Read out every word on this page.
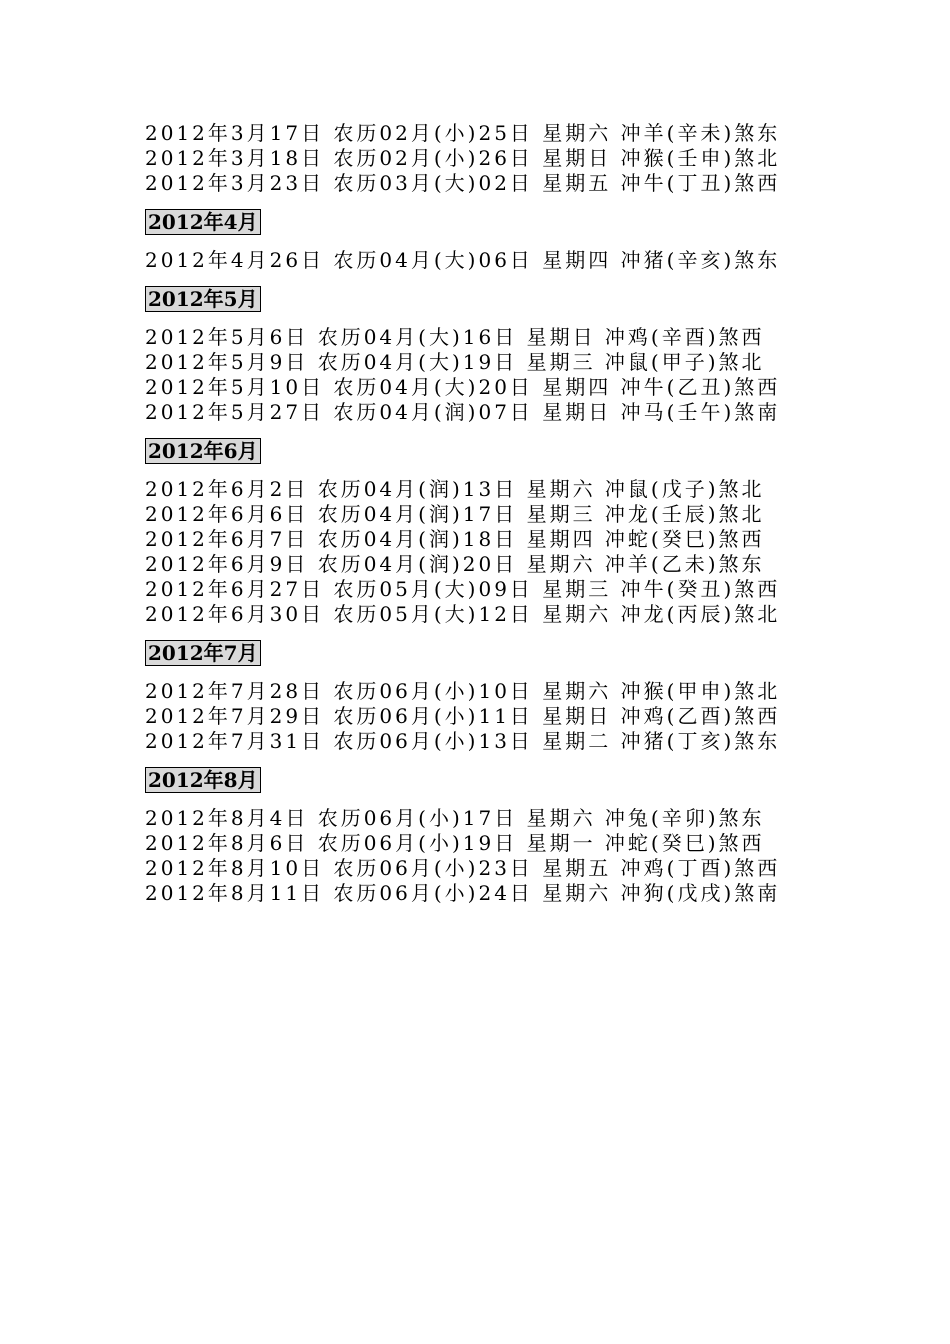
2012年3月17日 农历02月(小)25日 星期六 冲羊(辛未)煞东

2012年3月18日 农历02月(小)26日 星期日 冲猴(壬申)煞北

2012年3月23日 农历03月(大)02日 星期五 冲牛(丁丑)煞西

2012年4月

2012年4月26日 农历04月(大)06日 星期四 冲猪(辛亥)煞东

2012年5月

2012年5月6日 农历04月(大)16日 星期日 冲鸡(辛酉)煞西

2012年5月9日 农历04月(大)19日 星期三 冲鼠(甲子)煞北

2012年5月10日 农历04月(大)20日 星期四 冲牛(乙丑)煞西

2012年5月27日 农历04月(润)07日 星期日 冲马(壬午)煞南

2012年6月

2012年6月2日 农历04月(润)13日 星期六 冲鼠(戊子)煞北

2012年6月6日 农历04月(润)17日 星期三 冲龙(壬辰)煞北

2012年6月7日 农历04月(润)18日 星期四 冲蛇(癸巳)煞西

2012年6月9日 农历04月(润)20日 星期六 冲羊(乙未)煞东

2012年6月27日 农历05月(大)09日 星期三 冲牛(癸丑)煞西

2012年6月30日 农历05月(大)12日 星期六 冲龙(丙辰)煞北

2012年7月

2012年7月28日 农历06月(小)10日 星期六 冲猴(甲申)煞北

2012年7月29日 农历06月(小)11日 星期日 冲鸡(乙酉)煞西

2012年7月31日 农历06月(小)13日 星期二 冲猪(丁亥)煞东

2012年8月

2012年8月4日 农历06月(小)17日 星期六 冲兔(辛卯)煞东

2012年8月6日 农历06月(小)19日 星期一 冲蛇(癸巳)煞西

2012年8月10日 农历06月(小)23日 星期五 冲鸡(丁酉)煞西

2012年8月11日 农历06月(小)24日 星期六 冲狗(戊戌)煞南
